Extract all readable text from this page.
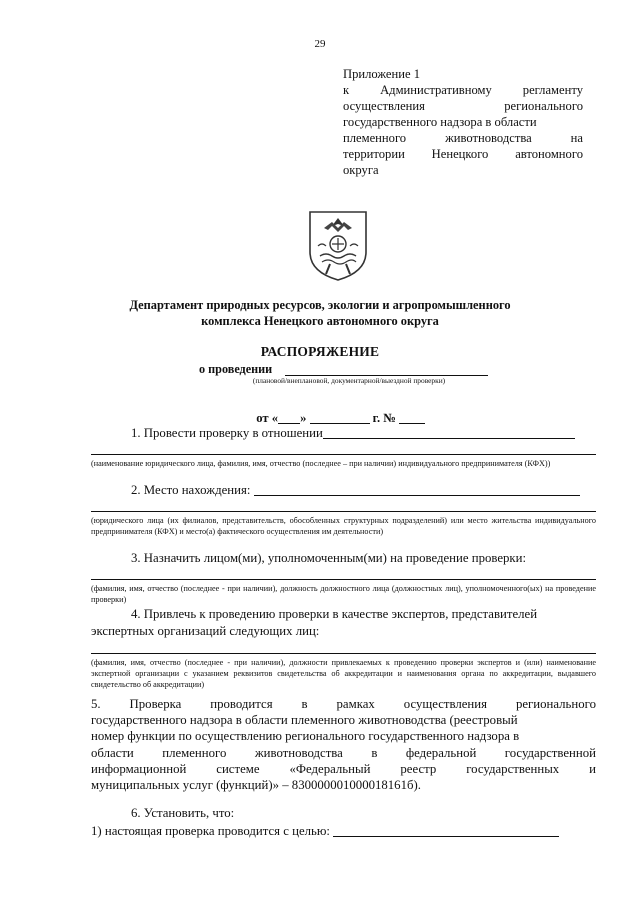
29
Приложение 1
к Административному регламенту
осуществления	регионального
государственного надзора в области
племенного	животноводства	на
территории Ненецкого автономного
округа
Департамент природных ресурсов, экологии и агропромышленного
комплекса Ненецкого автономного округа
РАСПОРЯЖЕНИЕ
о проведении
(плановой/внеплановой, документарной/выездной проверки)

от « »	г. №

1. Провести проверку в отношении
(наименование юридического лица, фамилия, имя, отчество (последнее – при наличии) индивидуального предпринимателя (КФХ))
2. Место нахождения:
(юридического лица (их филиалов, представительств, обособленных структурных подразделений) или место жительства индивидуального предпринимателя (КФХ) и место(а) фактического осуществления им деятельности)
3. Назначить лицом(ми), уполномоченным(ми) на проведение проверки:
(фамилия, имя, отчество (последнее - при наличии), должность должностного лица (должностных лиц), уполномоченного(ых) на проведение проверки)
4. Привлечь к проведению проверки в качестве экспертов, представителей
экспертных организаций следующих лиц:
(фамилия, имя, отчество (последнее - при наличии), должности привлекаемых к проведению проверки экспертов и (или) наименование экспертной организации с указанием реквизитов свидетельства об аккредитации и наименования органа по аккредитации, выдавшего свидетельство об аккредитации)
5. Проверка проводится в рамках осуществления регионального
государственного надзора в области племенного животноводства (реестровый
номер функции по осуществлению регионального государственного надзора в
области племенного животноводства в федеральной государственной
информационной системе «Федеральный реестр государственных и
муниципальных услуг (функций)» – 830000001000018161б).
6. Установить, что:
1) настоящая проверка проводится с целью:
